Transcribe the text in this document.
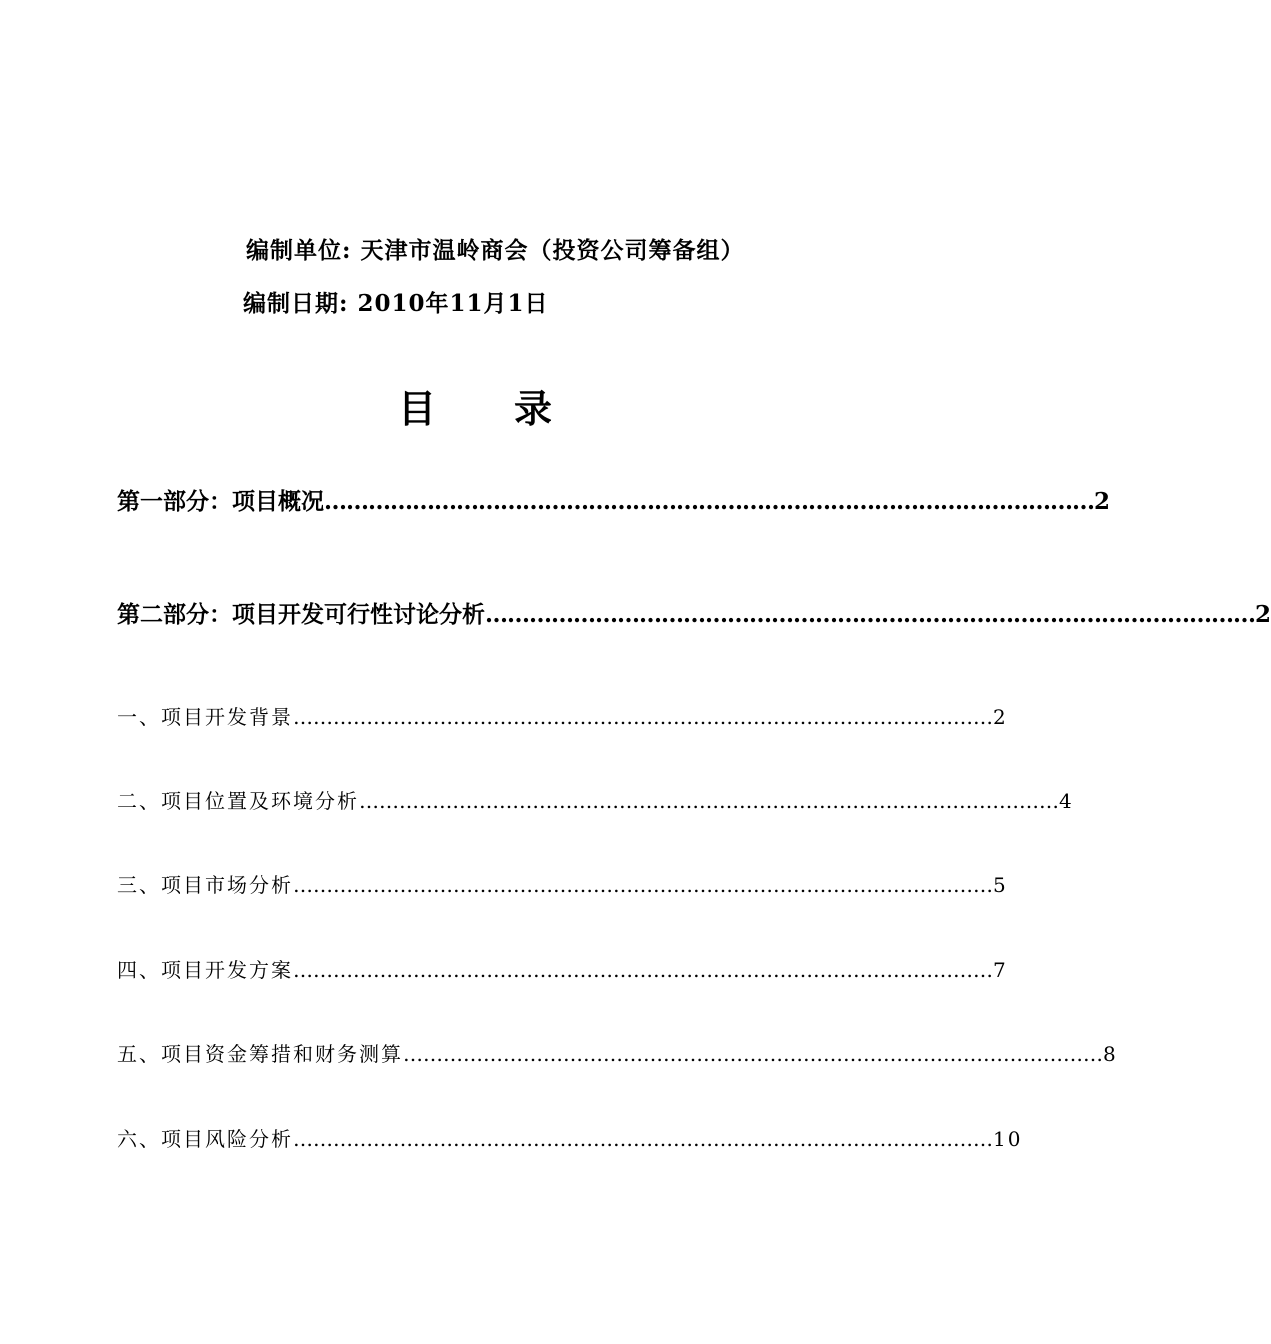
编制单位: 天津市温岭商会（投资公司筹备组）
编制日期: 2010年11月1日
目 录
第一部分：项目概况 …………………………………………………………………………………………… 2
第二部分：项目开发可行性讨论分析 …………………………………………………………………………………………… 2
一、项目开发背景 …………………………………………………………………………………………… 2
二、项目位置及环境分析 …………………………………………………………………………………………… 4
三、项目市场分析 …………………………………………………………………………………………… 5
四、项目开发方案 …………………………………………………………………………………………… 7
五、项目资金筹措和财务测算 …………………………………………………………………………………………… 8
六、项目风险分析 …………………………………………………………………………………………… 10
